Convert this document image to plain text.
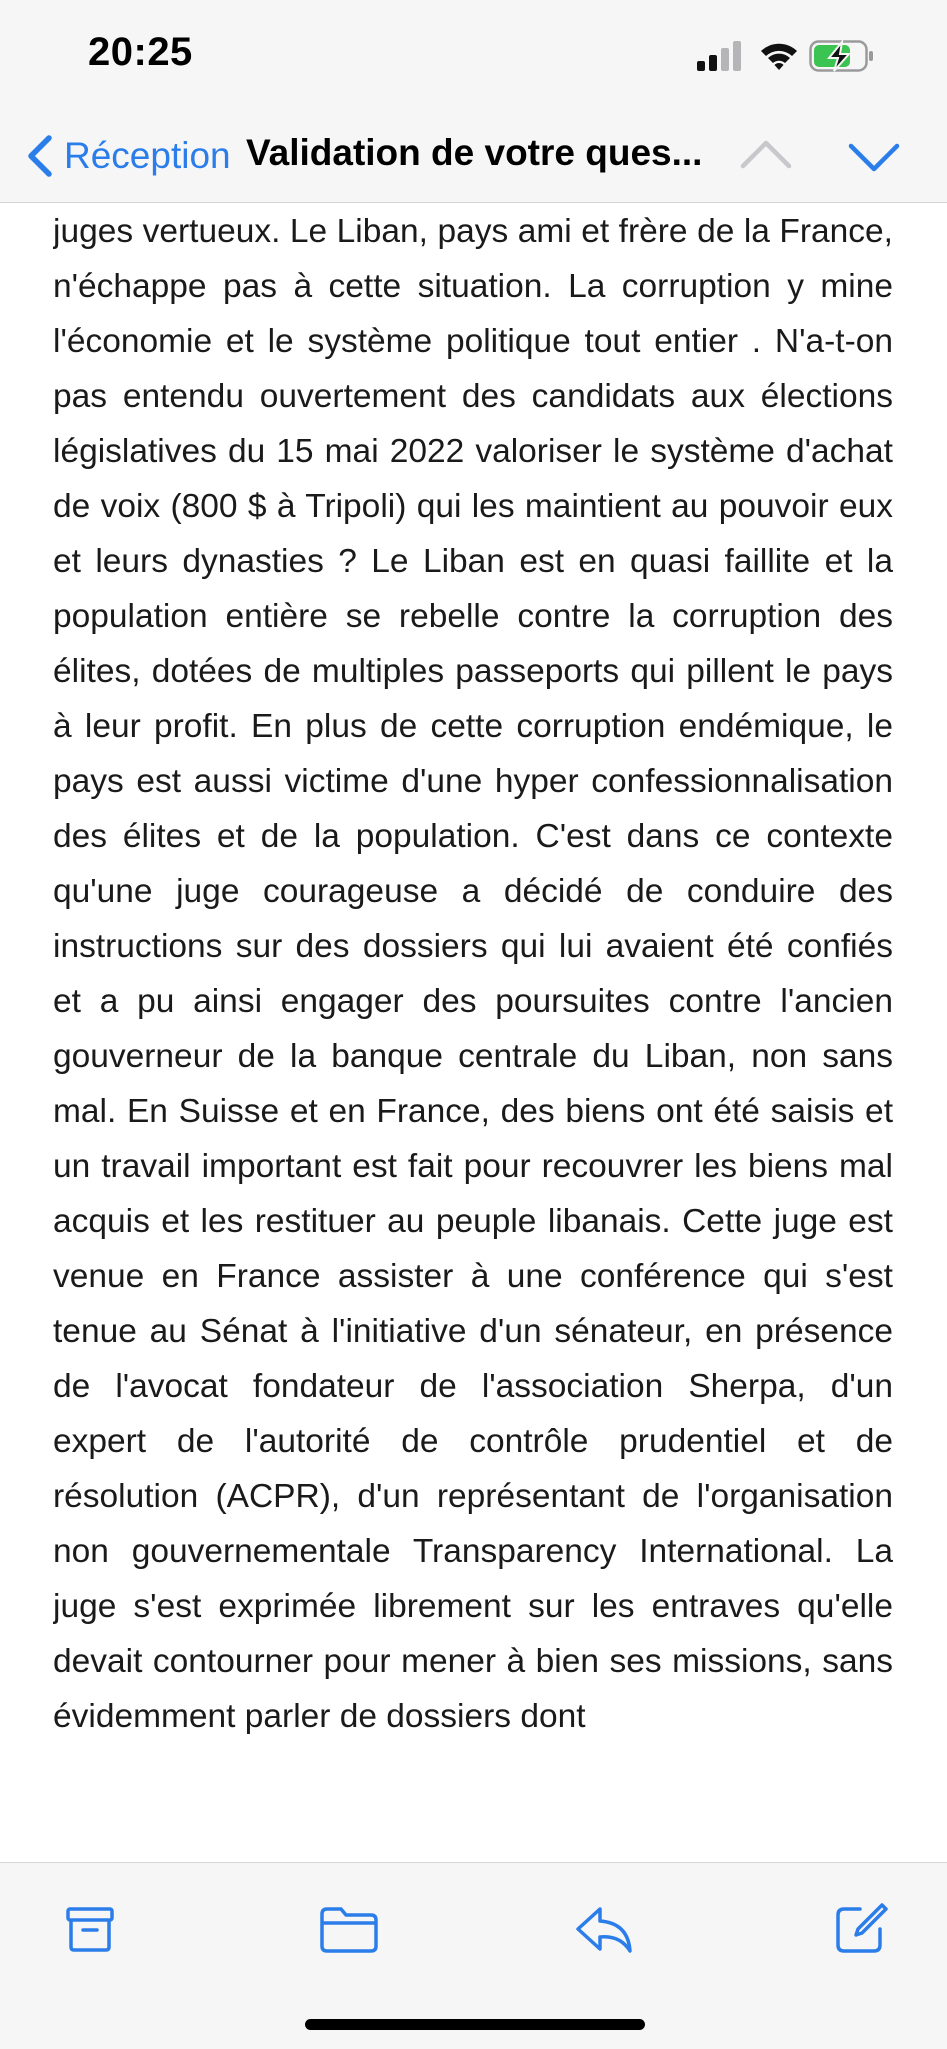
20:25
Réception Validation de votre ques...

juges vertueux. Le Liban, pays ami et frère de la France, n'échappe pas à cette situation. La corruption y mine l'économie et le système politique tout entier . N'a-t-on pas entendu ouvertement des candidats aux élections législatives du 15 mai 2022 valoriser le système d'achat de voix (800 $ à Tripoli) qui les maintient au pouvoir eux et leurs dynasties ? Le Liban est en quasi faillite et la population entière se rebelle contre la corruption des élites, dotées de multiples passeports qui pillent le pays à leur profit. En plus de cette corruption endémique, le pays est aussi victime d'une hyper confessionnalisation des élites et de la population. C'est dans ce contexte qu'une juge courageuse a décidé de conduire des instructions sur des dossiers qui lui avaient été confiés et a pu ainsi engager des poursuites contre l'ancien gouverneur de la banque centrale du Liban, non sans mal. En Suisse et en France, des biens ont été saisis et un travail important est fait pour recouvrer les biens mal acquis et les restituer au peuple libanais. Cette juge est venue en France assister à une conférence qui s'est tenue au Sénat à l'initiative d'un sénateur, en présence de l'avocat fondateur de l'association Sherpa, d'un expert de l'autorité de contrôle prudentiel et de résolution (ACPR), d'un représentant de l'organisation non gouvernementale Transparency International. La juge s'est exprimée librement sur les entraves qu'elle devait contourner pour mener à bien ses missions, sans évidemment parler de dossiers dont
